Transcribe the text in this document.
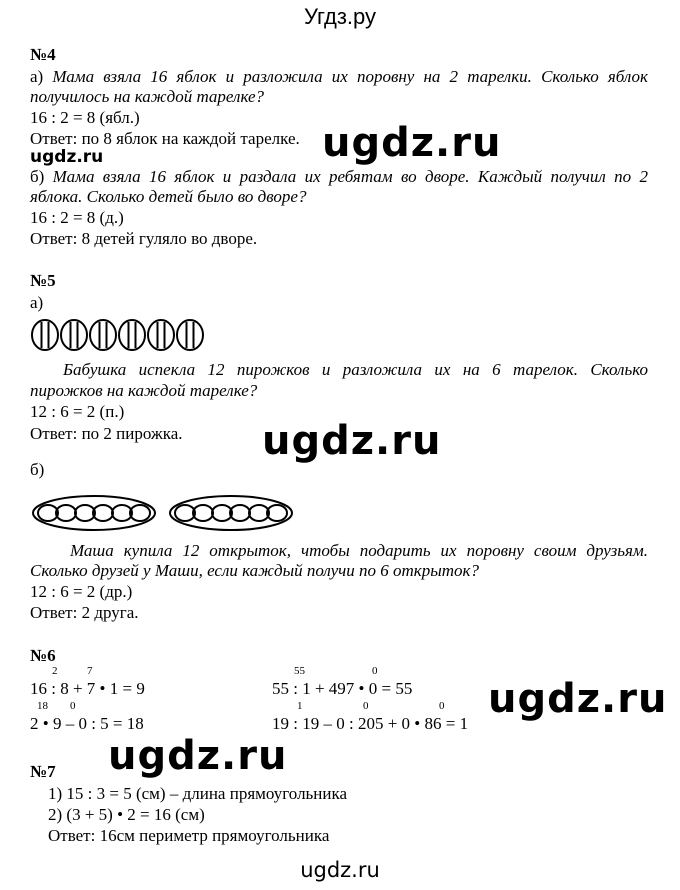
Угдз.ру
№4
а) Мама взяла 16 яблок и разложила их поровну на 2 тарелки. Сколько яблок
получилось на каждой тарелке?
16 : 2 = 8 (ябл.)
Ответ: по 8 яблок на каждой тарелке. ugdz.ru
ugdz.ru
б) Мама взяла 16 яблок и раздала их ребятам во дворе. Каждый получил по 2
яблока. Сколько детей было во дворе?
16 : 2 = 8 (д.)
Ответ: 8 детей гуляло во дворе.
№5
а)
Бабушка испекла 12 пирожков и разложила их на 6 тарелок. Сколько
пирожков на каждой тарелке?
12 : 6 = 2 (п.)
Ответ: по 2 пирожка. ugdz.ru
б)
Маша купила 12 открыток, чтобы подарить их поровну своим друзьям.
Сколько друзей у Маши, если каждый получи по 6 открыток?
12 : 6 = 2 (др.)
Ответ: 2 друга.
№6
2	7
16 : 8 + 7 • 1 = 9
18 0
2 • 9 – 0 : 5 = 18
55	0
55 : 1 + 497 • 0 = 55
1	0	0
19 : 19 – 0 : 205 + 0 • 86 = 1
ugdz.ru
ugdz.ru
№7
1) 15 : 3 = 5 (см) – длина прямоугольника
2) (3 + 5) • 2 = 16 (см)
Ответ: 16см периметр прямоугольника
ugdz.ru
